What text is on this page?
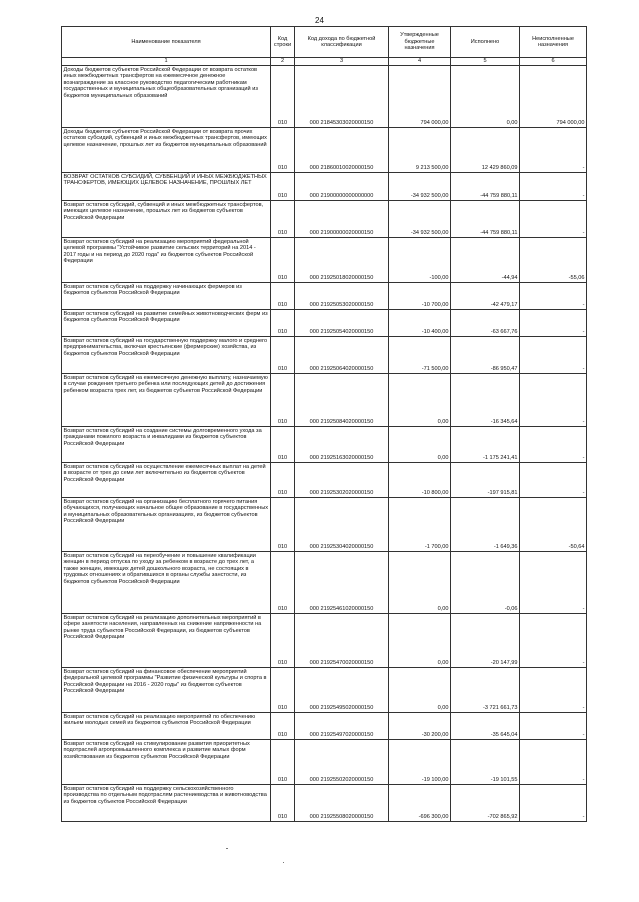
24
Наименование показателя	Код строки	Код дохода по бюджетной классификации	Утвержденные бюджетные назначения	Исполнено	Неисполненные назначения
1	2	3	4	5	6
Доходы бюджетов субъектов Российской Федерации от возврата остатков иных межбюджетных трансфертов на ежемесячное денежное вознаграждение за классное руководство педагогическим работникам государственных и муниципальных общеобразовательных организаций из бюджетов муниципальных образований	010	000 21845303020000150	794 000,00	0,00	794 000,00
Доходы бюджетов субъектов Российской Федерации от возврата прочих остатков субсидий, субвенций и иных межбюджетных трансфертов, имеющих целевое назначение, прошлых лет из бюджетов муниципальных образований	010	000 21860010020000150	9 213 500,00	12 429 860,09	-
ВОЗВРАТ ОСТАТКОВ СУБСИДИЙ, СУБВЕНЦИЙ И ИНЫХ МЕЖБЮДЖЕТНЫХ ТРАНСФЕРТОВ, ИМЕЮЩИХ ЦЕЛЕВОЕ НАЗНАЧЕНИЕ, ПРОШЛЫХ ЛЕТ	010	000 21900000000000000	-34 932 500,00	-44 759 880,11	-
Возврат остатков субсидий, субвенций и иных межбюджетных трансфертов, имеющих целевое назначение, прошлых лет из бюджетов субъектов Российской Федерации	010	000 21900000020000150	-34 932 500,00	-44 759 880,11	-
Возврат остатков субсидий на реализацию мероприятий федеральной целевой программы "Устойчивое развитие сельских территорий на 2014 - 2017 годы и на период до 2020 года" из бюджетов субъектов Российской Федерации	010	000 21925018020000150	-100,00	-44,94	-55,06
Возврат остатков субсидий на поддержку начинающих фермеров из бюджетов субъектов Российской Федерации	010	000 21925053020000150	-10 700,00	-42 479,17	-
Возврат остатков субсидий на развитие семейных животноводческих ферм из бюджетов субъектов Российской Федерации	010	000 21925054020000150	-10 400,00	-63 667,76	-
Возврат остатков субсидий на государственную поддержку малого и среднего предпринимательства, включая крестьянские (фермерские) хозяйства, из бюджетов субъектов Российской Федерации	010	000 21925064020000150	-71 500,00	-86 950,47	-
Возврат остатков субсидий на ежемесячную денежную выплату, назначаемую в случае рождения третьего ребенка или последующих детей до достижения ребенком возраста трех лет, из бюджетов субъектов Российской Федерации	010	000 21925084020000150	0,00	-16 345,64	-
Возврат остатков субсидий на создание системы долговременного ухода за гражданами пожилого возраста и инвалидами из бюджетов субъектов Российской Федерации	010	000 21925163020000150	0,00	-1 175 241,41	-
Возврат остатков субсидий на осуществление ежемесячных выплат на детей в возрасте от трех до семи лет включительно из бюджетов субъектов Российской Федерации	010	000 21925302020000150	-10 800,00	-197 915,81	-
Возврат остатков субсидий на организацию бесплатного горячего питания обучающихся, получающих начальное общее образование в государственных и муниципальных образовательных организациях, из бюджетов субъектов Российской Федерации	010	000 21925304020000150	-1 700,00	-1 649,36	-50,64
Возврат остатков субсидий на переобучение и повышение квалификации женщин в период отпуска по уходу за ребенком в возрасте до трех лет, а также женщин, имеющих детей дошкольного возраста, не состоящих в трудовых отношениях и обратившихся в органы службы занстости, из бюджетов субъектов Российской Федерации	010	000 21925461020000150	0,00	-0,06	-
Возврат остатков субсидий на реализацию дополнительных мероприятий в сфере занятости населения, направленных на снижение напряженности на рынке труда субъектов Российской Федерации, из бюджетов субъектов Российской Федерации	010	000 21925470020000150	0,00	-20 147,99	-
Возврат остатков субсидий на финансовое обеспечение мероприятий федеральной целевой программы "Развитие физической культуры и спорта в Российской Федерации на 2016 - 2020 годы" из бюджетов субъектов Российской Федерации	010	000 21925495020000150	0,00	-3 721 661,73	-
Возврат остатков субсидий на реализацию мероприятий по обеспечению жильем молодых семей из бюджетов субъектов Российской Федерации	010	000 21925497020000150	-30 200,00	-35 645,04	-
Возврат остатков субсидий на стимулирование развития приоритетных подотраслей агропромышленного комплекса и развитие малых форм хозяйствования из бюджетов субъектов Российской Федерации	010	000 21925502020000150	-19 100,00	-19 101,55	-
Возврат остатков субсидий на поддержку сельскохозяйственного производства по отдельным подотраслям растениеводства и животноводства из бюджетов субъектов Российской Федерации	010	000 21925508020000150	-696 300,00	-702 865,92	-
